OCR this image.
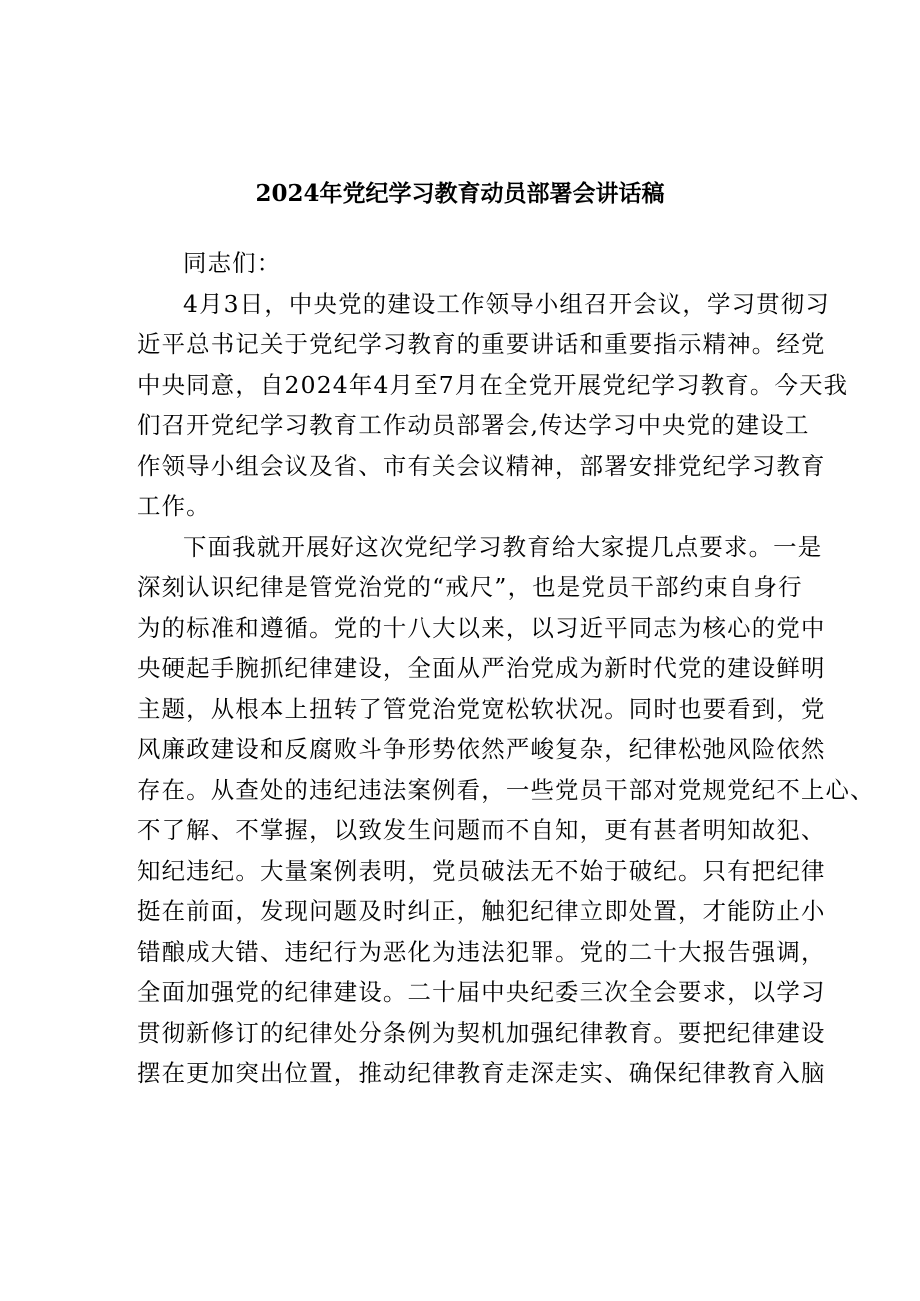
2024年党纪学习教育动员部署会讲话稿
同志们：
4月3日，中央党的建设工作领导小组召开会议，学习贯彻习
近平总书记关于党纪学习教育的重要讲话和重要指示精神。经党
中央同意，自2024年4月至7月在全党开展党纪学习教育。今天我
们召开党纪学习教育工作动员部署会,传达学习中央党的建设工
作领导小组会议及省、市有关会议精神，部署安排党纪学习教育
工作。
下面我就开展好这次党纪学习教育给大家提几点要求。一是
深刻认识纪律是管党治党的“戒尺”，也是党员干部约束自身行
为的标准和遵循。党的十八大以来，以习近平同志为核心的党中
央硬起手腕抓纪律建设，全面从严治党成为新时代党的建设鲜明
主题，从根本上扭转了管党治党宽松软状况。同时也要看到，党
风廉政建设和反腐败斗争形势依然严峻复杂，纪律松弛风险依然
存在。从查处的违纪违法案例看，一些党员干部对党规党纪不上心、
不了解、不掌握，以致发生问题而不自知，更有甚者明知故犯、
知纪违纪。大量案例表明，党员破法无不始于破纪。只有把纪律
挺在前面，发现问题及时纠正，触犯纪律立即处置，才能防止小
错酿成大错、违纪行为恶化为违法犯罪。党的二十大报告强调，
全面加强党的纪律建设。二十届中央纪委三次全会要求，以学习
贯彻新修订的纪律处分条例为契机加强纪律教育。要把纪律建设
摆在更加突出位置，推动纪律教育走深走实、确保纪律教育入脑
